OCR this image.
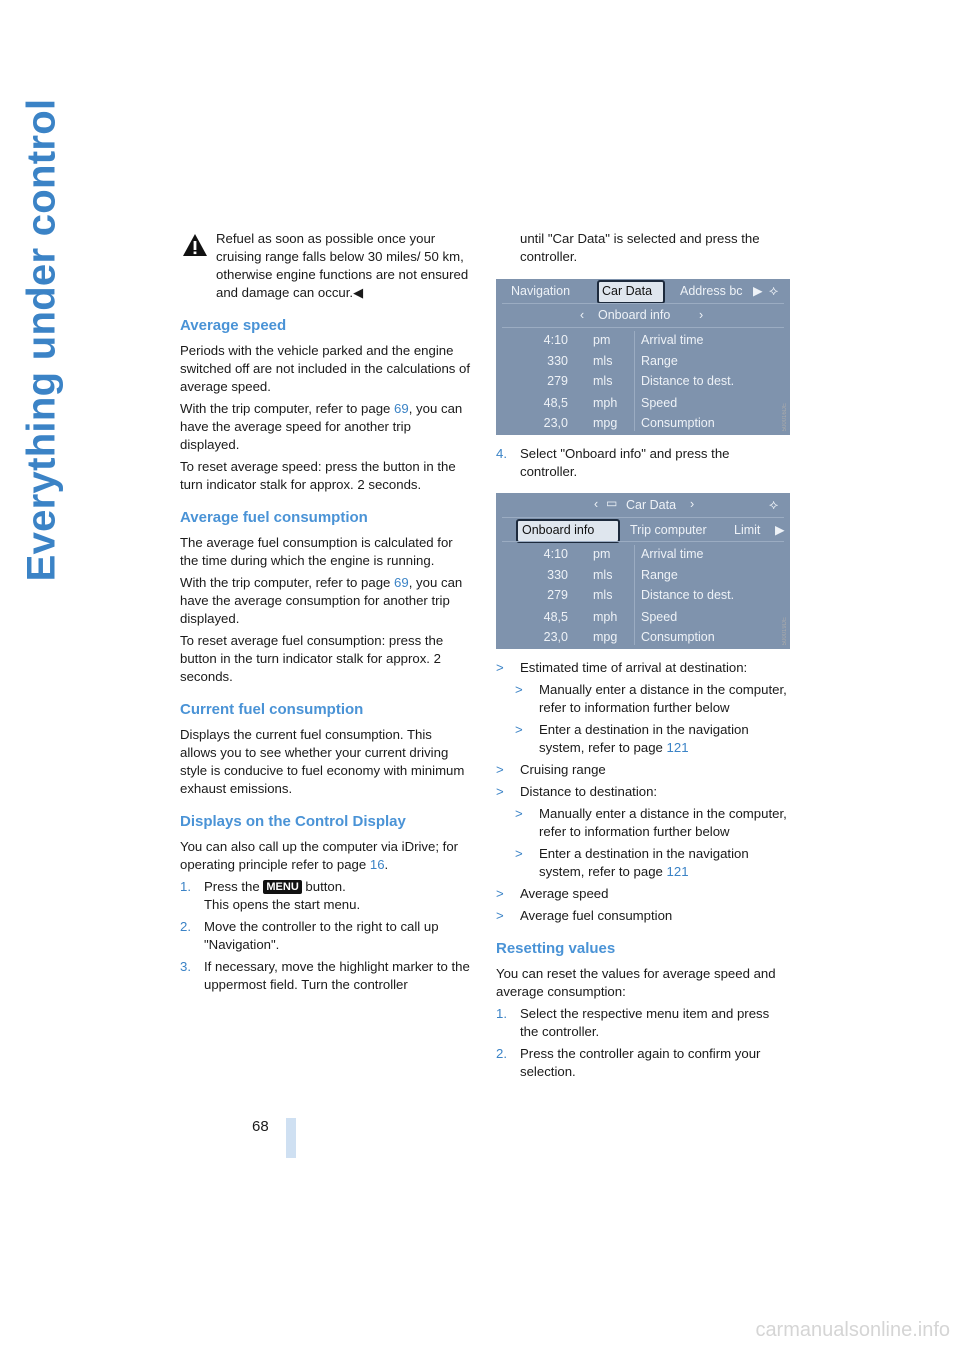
Everything under control	Refuel as soon as possible once your cruising range falls below 30 miles/ 50 km, otherwise engine functions are not ensured and damage can occur.◀

Average speed

Periods with the vehicle parked and the engine switched off are not included in the calculations of average speed.

With the trip computer, refer to page 69, you can have the average speed for another trip displayed.

To reset average speed: press the button in the turn indicator stalk for approx. 2 seconds.

Average fuel consumption

The average fuel consumption is calculated for the time during which the engine is running.

With the trip computer, refer to page 69, you can have the average consumption for another trip displayed.

To reset average fuel consumption: press the button in the turn indicator stalk for approx. 2 seconds.

Current fuel consumption

Displays the current fuel consumption. This allows you to see whether your current driving style is conducive to fuel economy with minimum exhaust emissions.

Displays on the Control Display

You can also call up the computer via iDrive; for operating principle refer to page 16.

1. Press the MENU button.
This opens the start menu.
2. Move the controller to the right to call up "Navigation".
3. If necessary, move the highlight marker to the uppermost field. Turn the controller

until "Car Data" is selected and press the controller.

Navigation	Car Data Address bc ▶ ⟡
‹ Onboard info ›
4:10 pm Arrival time
330 mls Range
279 mls Distance to dest.
48,5 mph Speed
23,0 mpg Consumption	500016DE
4. Select "Onboard info" and press the controller.
‹ ▭ Car Data ›	⟡
Onboard info	Trip computer Limit ▶
4:10 pm Arrival time
330 mls Range
279 mls Distance to dest.
48,5 mph Speed
23,0 mpg Consumption	500019DE
>	Estimated time of arrival at destination:
>	Manually enter a distance in the computer, refer to information further below
>	Enter a destination in the navigation system, refer to page 121
>	Cruising range
>	Distance to destination:
>	Manually enter a distance in the computer, refer to information further below
>	Enter a destination in the navigation system, refer to page 121
>	Average speed
>	Average fuel consumption
Resetting values

You can reset the values for average speed and average consumption:

1. Select the respective menu item and press the controller.
2. Press the controller again to confirm your selection.
68
carmanualsonline.info
